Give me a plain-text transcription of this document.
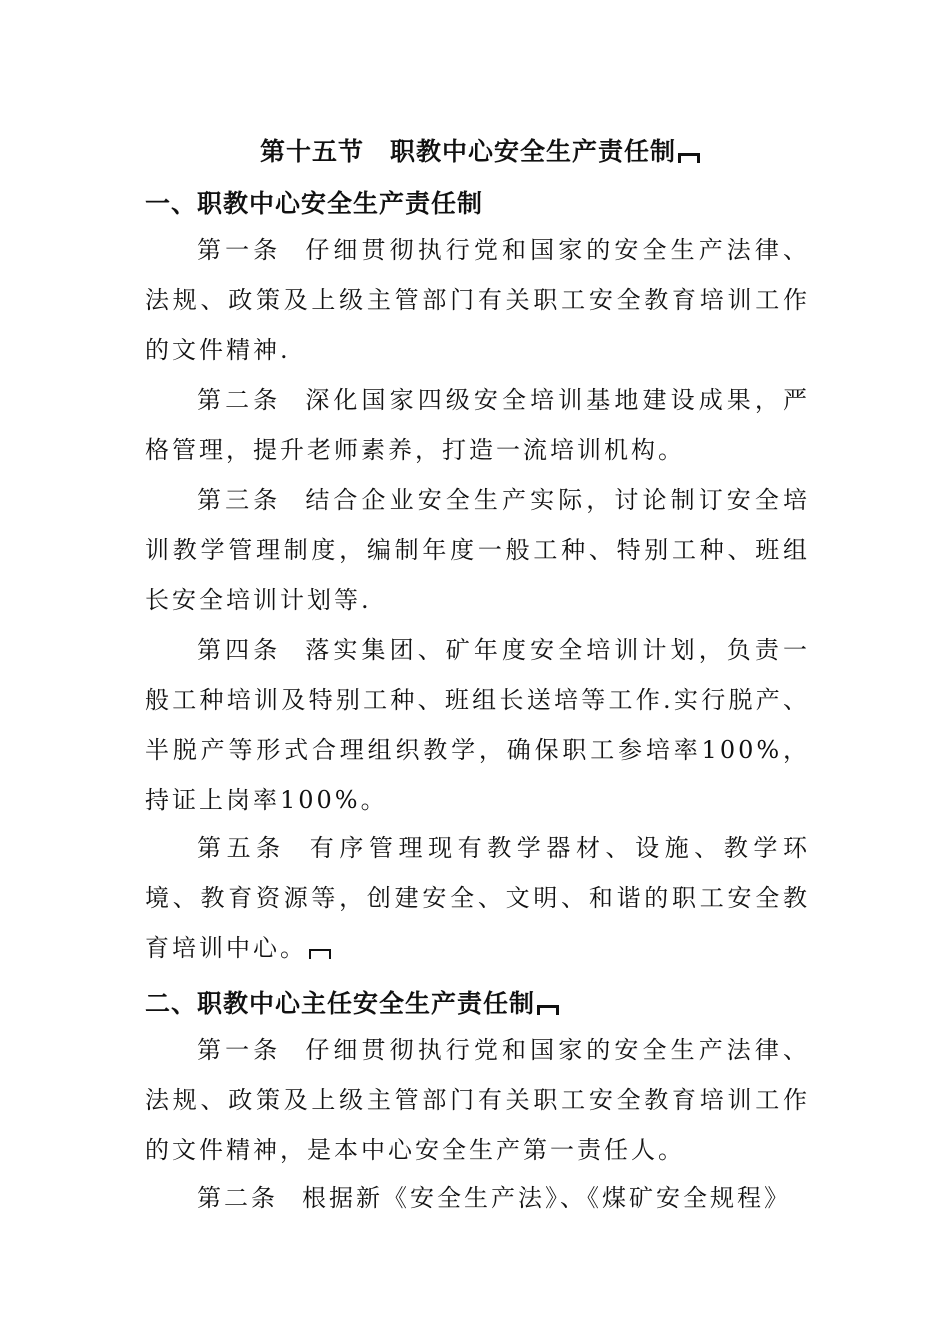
第十五节　职教中心安全生产责任制
一、职教中心安全生产责任制
第一条 仔细贯彻执行党和国家的安全生产法律、法规、政策及上级主管部门有关职工安全教育培训工作的文件精神.
第二条 深化国家四级安全培训基地建设成果，严格管理，提升老师素养，打造一流培训机构。
第三条 结合企业安全生产实际，讨论制订安全培训教学管理制度，编制年度一般工种、特别工种、班组长安全培训计划等.
第四条 落实集团、矿年度安全培训计划，负责一般工种培训及特别工种、班组长送培等工作.实行脱产、半脱产等形式合理组织教学，确保职工参培率100%，持证上岗率100%。
第五条 有序管理现有教学器材、设施、教学环境、教育资源等，创建安全、文明、和谐的职工安全教育培训中心。
二、职教中心主任安全生产责任制
第一条 仔细贯彻执行党和国家的安全生产法律、法规、政策及上级主管部门有关职工安全教育培训工作的文件精神，是本中心安全生产第一责任人。
第二条 根据新《安全生产法》、《煤矿安全规程》
